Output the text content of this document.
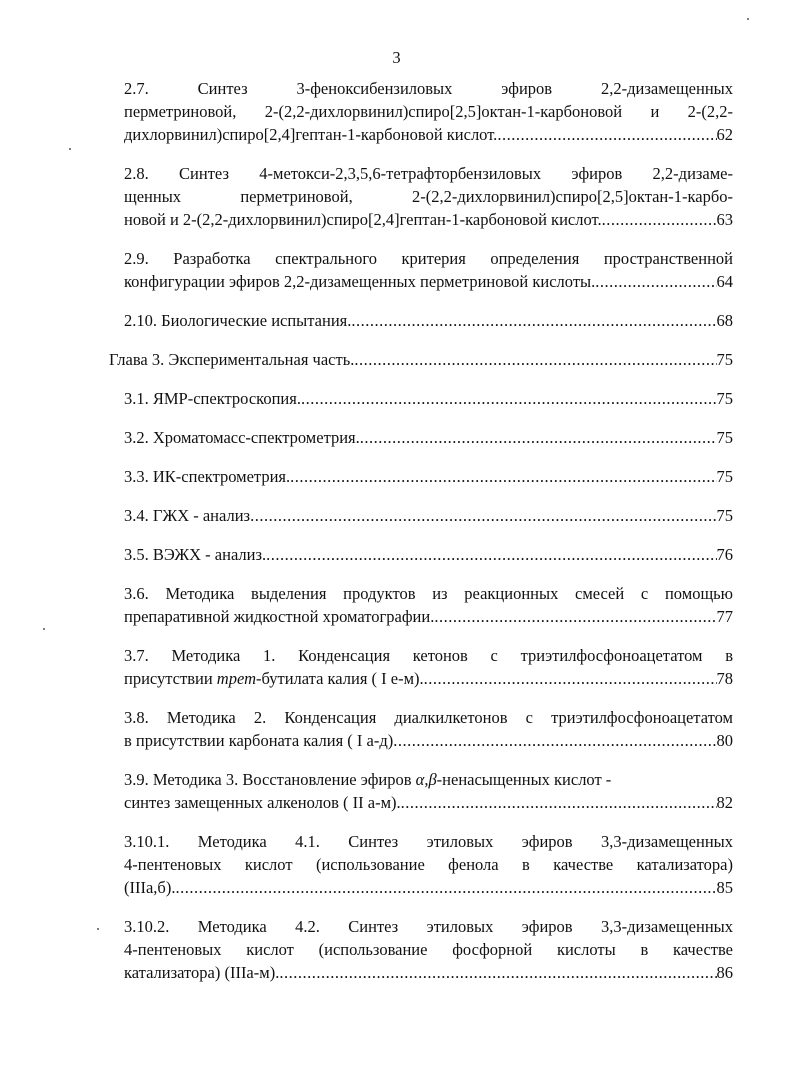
3
2.7. Синтез 3-феноксибензиловых эфиров 2,2-дизамещенных
перметриновой, 2-(2,2-дихлорвинил)спиро[2,5]октан-1-карбоновой и 2-(2,2-
дихлорвинил)спиро[2,4]гептан-1-карбоновой кислот. .....	62
2.8. Синтез 4-метокси-2,3,5,6-тетрафторбензиловых эфиров 2,2-дизаме-
щенных перметриновой, 2-(2,2-дихлорвинил)спиро[2,5]октан-1-карбо-
новой и 2-(2,2-дихлорвинил)спиро[2,4]гептан-1-карбоновой кислот. .....	63
2.9. Разработка спектрального критерия определения пространственной
конфигурации эфиров 2,2-дизамещенных перметриновой кислоты. .....	64
2.10. Биологические испытания. .....	68
Глава 3. Экспериментальная часть. .....	75
3.1. ЯМР-спектроскопия. .....	75
3.2. Хроматомасс-спектрометрия. .....	75
3.3. ИК-спектрометрия. .....	75
3.4. ГЖХ - анализ .....	75
3.5. ВЭЖХ - анализ. .....	76
3.6. Методика выделения продуктов из реакционных смесей с помощью
препаративной жидкостной хроматографии. .....	77
3.7. Методика 1. Конденсация кетонов с триэтилфосфоноацетатом в
присутствии трет-бутилата калия ( I е-м). .....	78
3.8. Методика 2. Конденсация диалкилкетонов с триэтилфосфоноацетатом
в присутствии карбоната калия ( I а-д) .....	80
3.9. Методика 3. Восстановление эфиров α,β-ненасыщенных кислот -
синтез замещенных алкенолов ( II а-м). .....	82
3.10.1. Методика 4.1. Синтез этиловых эфиров 3,3-дизамещенных
4-пентеновых кислот (использование фенола в качестве катализатора)
(IIIа,б). .....	85
3.10.2. Методика 4.2. Синтез этиловых эфиров 3,3-дизамещенных
4-пентеновых кислот (использование фосфорной кислоты в качестве
катализатора) (IIIа-м). .....	86
